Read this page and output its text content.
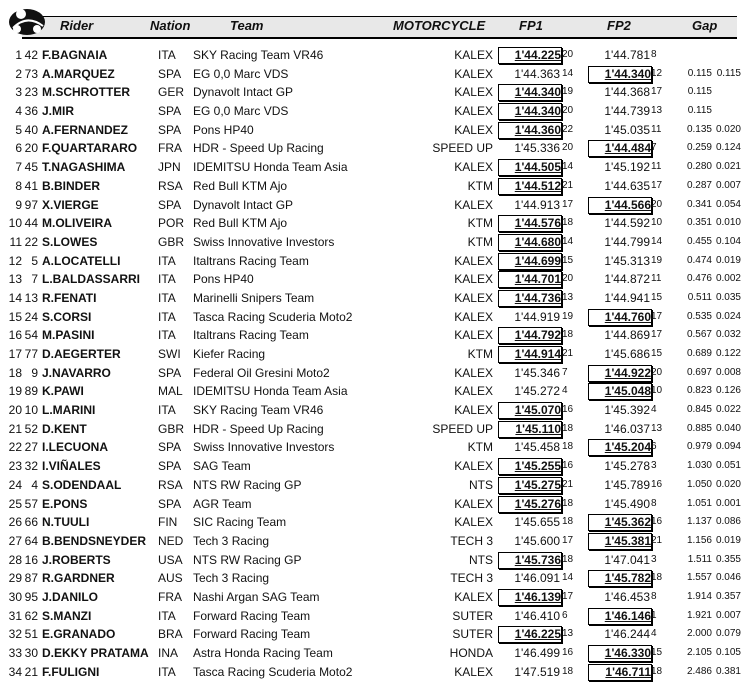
Rider	Nation	Team	MOTORCYCLE	FP1	FP2	Gap
1 42 F.BAGNAIA	ITA SKY Racing Team VR46	KALEX	1'44.225 20	1'44.781 8
2 73 A.MARQUEZ	SPA EG 0,0 Marc VDS	KALEX	1'44.363 14	1'44.340 12	0.115 0.115
3 23 M.SCHROTTER GER Dynavolt Intact GP	KALEX	1'44.340 19	1'44.368 17	0.115
4 36 J.MIR	SPA EG 0,0 Marc VDS	KALEX	1'44.340 20	1'44.739 13	0.115
5 40 A.FERNANDEZ	SPA Pons HP40	KALEX	1'44.360 22	1'45.035 11	0.135 0.020
6 20 F.QUARTARARO FRA HDR - Speed Up Racing	SPEED UP	1'45.336 20	1'44.484 7	0.259 0.124
7 45 T.NAGASHIMA	JPN IDEMITSU Honda Team Asia	KALEX	1'44.505 14	1'45.192 11	0.280 0.021
8 41 B.BINDER	RSA Red Bull KTM Ajo	KTM	1'44.512 21	1'44.635 17	0.287 0.007
9 97 X.VIERGE	SPA Dynavolt Intact GP	KALEX	1'44.913 17	1'44.566 20	0.341 0.054
10 44 M.OLIVEIRA	POR Red Bull KTM Ajo	KTM	1'44.576 18	1'44.592 10	0.351 0.010
11 22 S.LOWES	GBR Swiss Innovative Investors	KTM	1'44.680 14	1'44.799 14	0.455 0.104
12 5 A.LOCATELLI	ITA Italtrans Racing Team	KALEX	1'44.699 15	1'45.313 19	0.474 0.019
13 7 L.BALDASSARRI ITA Pons HP40	KALEX	1'44.701 20	1'44.872 11	0.476 0.002
14 13 R.FENATI	ITA Marinelli Snipers Team	KALEX	1'44.736 13	1'44.941 15	0.511 0.035
15 24 S.CORSI	ITA Tasca Racing Scuderia Moto2	KALEX	1'44.919 19	1'44.760 17	0.535 0.024
16 54 M.PASINI	ITA Italtrans Racing Team	KALEX	1'44.792 18	1'44.869 17	0.567 0.032
17 77 D.AEGERTER	SWI Kiefer Racing	KTM	1'44.914 21	1'45.686 15	0.689 0.122
18 9 J.NAVARRO	SPA Federal Oil Gresini Moto2	KALEX	1'45.346 7	1'44.922 20	0.697 0.008
19 89 K.PAWI	MAL IDEMITSU Honda Team Asia	KALEX	1'45.272 4	1'45.048 10	0.823 0.126
20 10 L.MARINI	ITA SKY Racing Team VR46	KALEX	1'45.070 16	1'45.392 4	0.845 0.022
21 52 D.KENT	GBR HDR - Speed Up Racing	SPEED UP	1'45.110 18	1'46.037 13	0.885 0.040
22 27 I.LECUONA	SPA Swiss Innovative Investors	KTM	1'45.458 18	1'45.204 6	0.979 0.094
23 32 I.VIÑALES	SPA SAG Team	KALEX	1'45.255 16	1'45.278 3	1.030 0.051
24 4 S.ODENDAAL	RSA NTS RW Racing GP	NTS	1'45.275 21	1'45.789 16	1.050 0.020
25 57 E.PONS	SPA AGR Team	KALEX	1'45.276 18	1'45.490 8	1.051 0.001
26 66 N.TUULI	FIN SIC Racing Team	KALEX	1'45.655 18	1'45.362 16	1.137 0.086
27 64 B.BENDSNEYDER NED Tech 3 Racing	TECH 3	1'45.600 17	1'45.381 21	1.156 0.019
28 16 J.ROBERTS	USA NTS RW Racing GP	NTS	1'45.736 18	1'47.041 3	1.511 0.355
29 87 R.GARDNER	AUS Tech 3 Racing	TECH 3	1'46.091 14	1'45.782 18	1.557 0.046
30 95 J.DANILO	FRA Nashi Argan SAG Team	KALEX	1'46.139 17	1'46.453 8	1.914 0.357
31 62 S.MANZI	ITA Forward Racing Team	SUTER	1'46.410 6	1'46.146 1	1.921 0.007
32 51 E.GRANADO	BRA Forward Racing Team	SUTER	1'46.225 13	1'46.244 4	2.000 0.079
33 30 D.EKKY PRATAMA INA Astra Honda Racing Team	HONDA	1'46.499 16	1'46.330 15	2.105 0.105
34 21 F.FULIGNI	ITA Tasca Racing Scuderia Moto2	KALEX	1'47.519 18	1'46.711 18	2.486 0.381
